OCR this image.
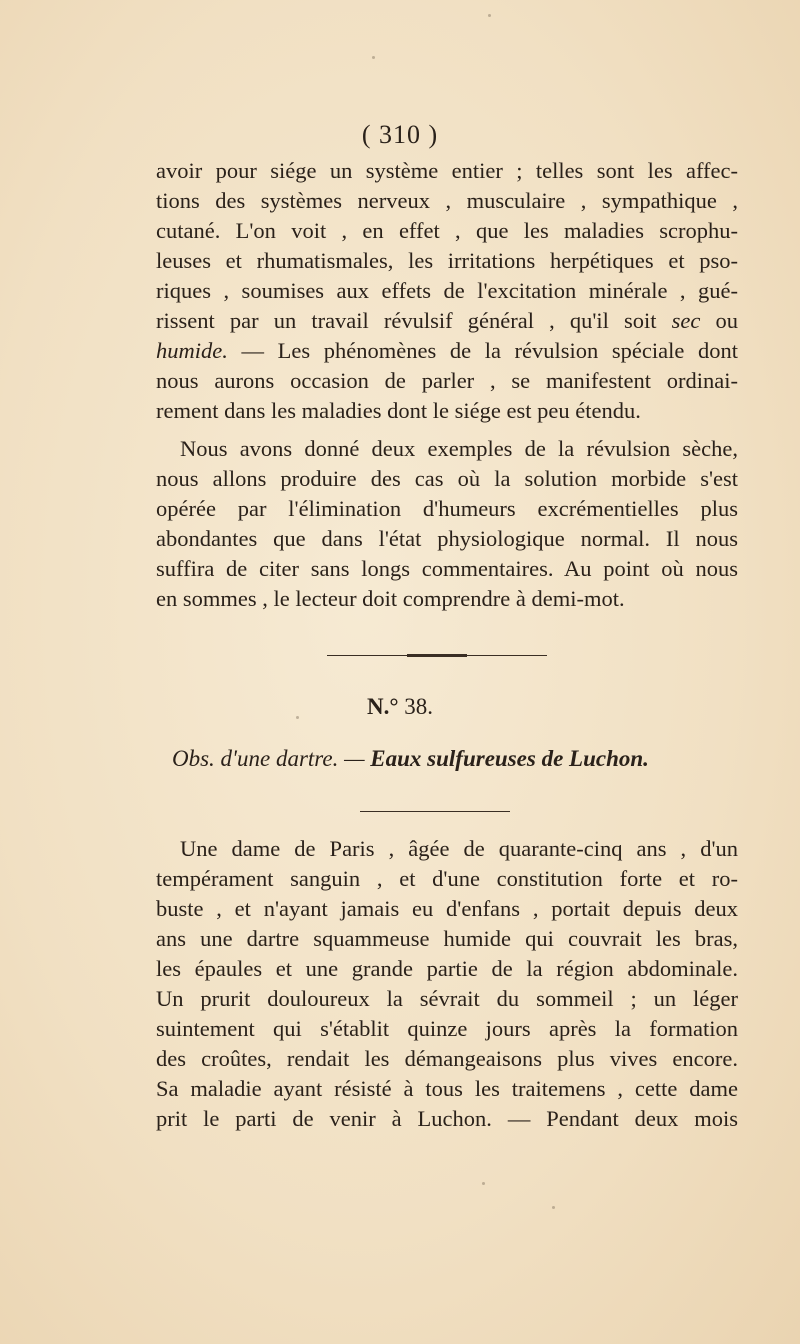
( 310 )
avoir pour siége un système entier ; telles sont les affec-
tions des systèmes nerveux , musculaire , sympathique ,
cutané. L'on voit , en effet , que les maladies scrophu-
leuses et rhumatismales, les irritations herpétiques et pso-
riques , soumises aux effets de l'excitation minérale , gué-
rissent par un travail révulsif général , qu'il soit sec ou
humide. — Les phénomènes de la révulsion spéciale dont
nous aurons occasion de parler , se manifestent ordinai-
rement dans les maladies dont le siége est peu étendu.
Nous avons donné deux exemples de la révulsion sèche,
nous allons produire des cas où la solution morbide s'est
opérée par l'élimination d'humeurs excrémentielles plus
abondantes que dans l'état physiologique normal. Il nous
suffira de citer sans longs commentaires. Au point où nous
en sommes , le lecteur doit comprendre à demi-mot.
N.° 38.
Obs. d'une dartre. — Eaux sulfureuses de Luchon.
Une dame de Paris , âgée de quarante-cinq ans , d'un
tempérament sanguin , et d'une constitution forte et ro-
buste , et n'ayant jamais eu d'enfans , portait depuis deux
ans une dartre squammeuse humide qui couvrait les bras,
les épaules et une grande partie de la région abdominale.
Un prurit douloureux la sévrait du sommeil ; un léger
suintement qui s'établit quinze jours après la formation
des croûtes, rendait les démangeaisons plus vives encore.
Sa maladie ayant résisté à tous les traitemens , cette dame
prit le parti de venir à Luchon. — Pendant deux mois
